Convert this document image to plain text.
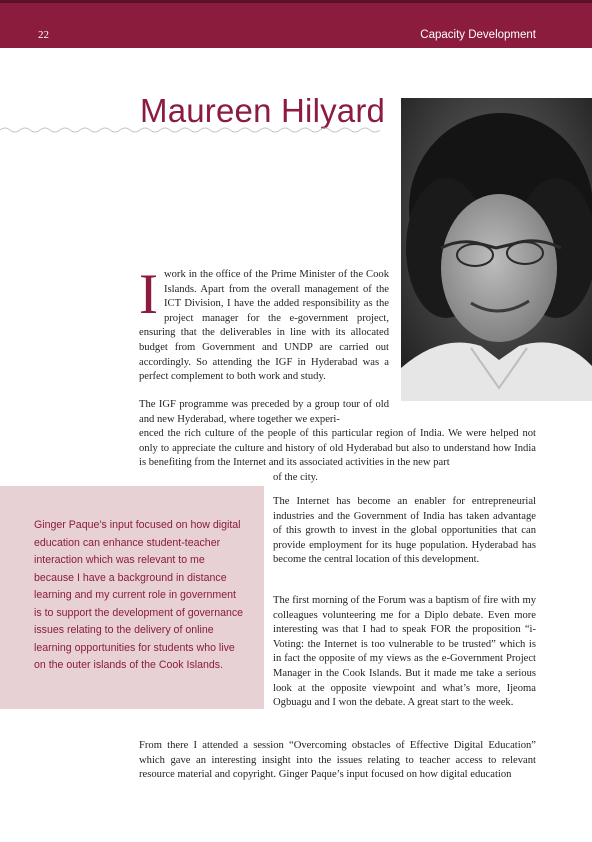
22	Capacity Development
Maureen Hilyard

Iwork in the office of the Prime Minister of the Cook Islands. Apart from the overall management of the ICT Division, I have the added responsibility as the project manager for the e-government project, ensuring that the deliverables in line with its allocated budget from Government and UNDP are carried out accordingly. So attending the IGF in Hyderabad was a perfect complement to both work and study.

The IGF programme was preceded by a group tour of old and new Hyderabad, where together we experi-

enced the rich culture of the people of this particular region of India. We were helped not only to appreciate the culture and history of old Hyderabad but also to understand how India is benefiting from the Internet and its associated activities in the new part

of the city.

Ginger Paque’s input focused on how digital education can enhance student-teacher interaction which was relevant to me because I have a background in distance learning and my current role in government is to support the development of governance issues relating to the delivery of online learning opportunities for students who live on the outer islands of the Cook Islands.

The Internet has become an enabler for entrepreneurial industries and the Government of India has taken advantage of this growth to invest in the global opportunities that can provide employment for its huge population. Hyderabad has become the central location of this development.

The first morning of the Forum was a baptism of fire with my colleagues volunteering me for a Diplo debate. Even more interesting was that I had to speak FOR the proposition “i-Voting: the Internet is too vulnerable to be trusted” which is in fact the opposite of my views as the e-Government Project Manager in the Cook Islands. But it made me take a serious look at the opposite viewpoint and what’s more, Ijeoma Ogbuagu and I won the debate. A great start to the week.

From there I attended a session “Overcoming obstacles of Effective Digital Education” which gave an interesting insight into the issues relating to teacher access to relevant resource material and copyright. Ginger Paque’s input focused on how digital education
